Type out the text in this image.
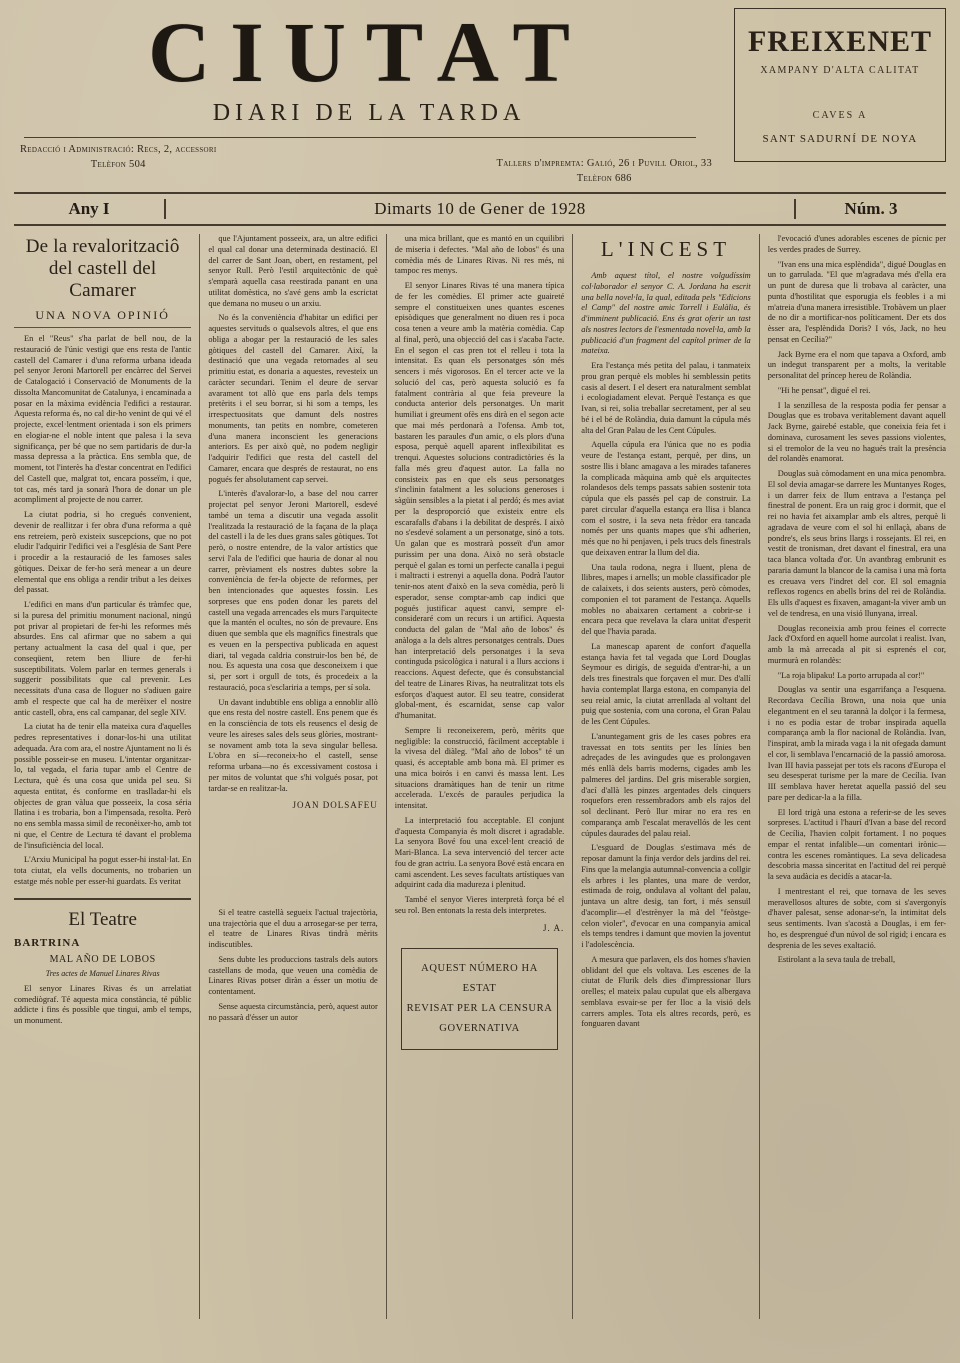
CIUTAT
DIARI DE LA TARDA
Redacció i Administració: Recs, 2, accessori
Telèfon 504	Tallers d'impremta: Galió, 26 i Puvill Oriol, 33
Telèfon 686
FREIXENET
XAMPANY D'ALTA CALITAT
CAVES A
SANT SADURNÍ DE NOYA
Any I	Dimarts 10 de Gener de 1928	Núm. 3
De la revaloritzaciô del castell del Camarer
UNA NOVA OPINIÓ

En el "Reus" s'ha parlat de bell nou, de la restauració de l'únic vestigi que ens resta de l'antic castell del Camarer i d'una reforma urbana ideada pel senyor Jeroni Martorell per encàrrec del Servei de Catalogació i Conservació de Monuments de la dissolta Mancomunitat de Catalunya, i encaminada a posar en la màxima evidència l'edifici a restaurar. Aquesta reforma és, no cal dir-ho venint de qui vé el projecte, excel·lentment orientada i son els primers en elogiar-ne el noble intent que palesa i la seva significança, per bé que no sem partidaris de dur-la massa depressa a la pràctica. Ens sembla que, de moment, tot l'interès ha d'estar concentrat en l'edifici del Castell que, malgrat tot, encara posseïm, i que, tot cas, més tard ja sonarà l'hora de donar un ple acompliment al projecte de nou carrer.

La ciutat podria, si ho cregués convenient, devenir de reallitzar i fer obra d'una reforma a què ens retreiem, però existeix suscepcions, que no pot eludir l'adquirir l'edifici vei a l'església de Sant Pere i procedir a la restauració de les famoses sales gòtiques. Deixar de fer-ho serà menear a un deure elemental que ens obliga a rendir tribut a les deixes del passat.

L'edifici en mans d'un particular és tràmfec que, si la puresa del primitiu monument nacional, ningú pot privar al propietari de fer-hi les reformes més absurdes. Ens cal afirmar que no sabem a qui pertany actualment la casa del qual i que, per conseqüent, retem ben lliure de fer-hi susceptibilitats. Volem parlar en termes generals i suggerir possibilitats que cal prevenir. Les necessitats d'una casa de lloguer no s'adiuen gaire amb el respecte que cal ha de merèixer el nostre antic castell, obra, ens cal campanar, del segle XIV.

La ciutat ha de tenir ella mateixa cura d'aquelles pedres representatives i donar-los-hi una utilitat adequada. Ara com ara, el nostre Ajuntament no li és possible posseir-se en museu. L'intentar organitzar-lo, tal vegada, el faria tupar amb el Centre de Lectura, què és una cosa que unida pel seu. Si aquesta entitat, és conforme en traslladar-hi els objectes de gran vàlua que posseeix, la cosa séria llatina i es trobaria, bon a l'impensada, resolta. Però no ens sembla massa simil de reconèixer-ho, amb tot ni que, el Centre de Lectura té davant el problema de l'insuficiència del local.

L'Arxiu Municipal ha pogut esser-hi instal·lat. En tota ciutat, ela vells documents, no trobarien un estatge més noble per esser-hi guardats. Es veritat

El Teatre
BARTRINA
MAL AÑO DE LOBOS
Tres actes de Manuel Linares Rivas

El senyor Linares Rivas és un arrelatiat comediògraf. Té aquesta mica constància, té públic addicte i fins és possible que tingui, amb el temps, un monument.

que l'Ajuntament posseeix, ara, un altre edifici el qual cal donar una determinada destinació. El del carrer de Sant Joan, obert, en restament, pel senyor Rull. Però l'estil arquitectònic de què s'emparà aquella casa reestirada panant en una utilitat domèstica, no s'avé gens amb la escrictat que demana no museu o un arxiu.

No és la conveniència d'habitar un edifici per aquestes servituds o qualsevols altres, el que ens obliga a abogar per la restauració de les sales gòtiques del castell del Camarer. Així, la destinació que una vegada retornades al seu primitiu estat, es donaria a aquestes, revesteix un caràcter secundari. Tenim el deure de servar avarament tot allò que ens parla dels temps pretèrits i el seu borrar, si hi som a temps, les irrespectuositats que damunt dels nostres monuments, tan petits en nombre, cometeren d'una manera inconscient les generacions anteriors. Es per això què, no podem negligir l'adquirir l'edifici que resta del castell del Camarer, encara que després de restaurat, no ens pogués fer absolutament cap servei.

L'interès d'avalorar-lo, a base del nou carrer projectat pel senyor Jeroni Martorell, esdevé també un tema a discutir una vegada assolit l'realitzada la restauració de la façana de la plaça del castell i la de les dues grans sales gòtiques. Tot però, o nostre entendre, de la valor artístics que servi l'ala de l'edifici que hauria de donar al nou carrer, prèviament els nostres dubtes sobre la conveniència de fer-la objecte de reformes, per ben intencionades que aquestes fossin. Les sorpreses que ens poden donar les parets del castell una vegada arrencades els murs l'arquitecte que la mantén el ocultes, no són de prevaure. Ens diuen que sembla que els magnífics finestrals que es veuen en la perspectiva publicada en aquest diari, tal vegada caldria construir-los ben bé, de nou. Es aquesta una cosa que desconeixem i que si, per sort i orgull de tots, és procedeix a la restauració, poca s'esclariria a temps, per sí sola.

Un davant indubtible ens obliga a ennoblir allò que ens resta del nostre castell. Ens penem que és en la consciència de tots els reusencs el desig de veure les aireses sales dels seus glòries, mostrant-se novament amb tota la seva singular bellesa. L'obra en sí—reconeix-ho el castell, sense reforma urbana—no és excessivament costosa i per mitos de voluntat que s'hi volgués posar, pot tardar-se en realitzar-la.

JOAN DOLSAFEU

Si el teatre castellà segueix l'actual trajectòria, una trajectòria que el duu a arrosegar-se per terra, el teatre de Linares Rivas tindrà mèrits indiscutibles.

Sens dubte les produccions tastrals dels autors castellans de moda, que veuen una comèdia de Linares Rivas potser diràn a ésser un motiu de contentament.

Sense aquesta circumstància, però, aquest autor no passarà d'ésser un autor

una mica brillant, que es mantó en un cquilibri de miseria i defectes. "Mal año de lobos" és una comèdia més de Linares Rivas. Ni res més, ni tampoc res menys.

El senyor Linares Rivas té una manera típica de fer les comèdies. El primer acte guaireté sempre el constitueixen unes quantes escenes episòdiques que generalment no diuen res i poca cosa tenen a veure amb la matèria comèdia. Cap al final, però, una objecció del cas i s'acaba l'acte. En el segon el cas pren tot el relleu i tota la intensitat. Es quan els personatges són més sencers i més vigorosos. En el tercer acte ve la solució del cas, però aquesta solució es fa fatalment contrària al que feia preveure la conducta anterior dels personatges. Un marit humiliat i greument ofès ens dirà en el segon acte que mai més perdonarà a l'ofensa. Amb tot, bastaren les paraules d'un amic, o els plors d'una esposa, perquè aquell aparent inflexibilitat es trenqui. Aquestes solucions contradictòries és la falla més greu d'aquest autor. La falla no consisteix pas en que els seus personatges s'inclinin fatalment a les solucions generoses i sàgüin sensibles a la pietat i al perdó; és mes aviat per la desproporció que existeix entre els escarafalls d'abans i la debilitat de després. I això no s'esdevé solament a un personatge, sinó a tots. Un galan que es mostrarà posseït d'un amor purissim per una dona. Això no serà obstacle perquè el galan es torni un perfecte canalla i pegui i maltracti i estrenyi a aquella dona. Podrà l'autor tenir-nos atent d'això en la seva comèdia, però li esperador, sense comptar-amb cap indici que pogués justificar aquest canvi, sempre el-consideraré com un recurs i un artifici. Aquesta conducta del galan de "Mal año de lobos" és anàloga a la dels altres personatges centrals. Dues han interpretació dels personatges i la seva continguda psicològica i natural i a llurs accions i reaccions. Aquest defecte, que és consubstancial del teatre de Linares Rivas, ha neutralitzat tots els esforços d'aquest autor. El seu teatre, considerat global-ment, és escarnidat, sense cap valor d'humanitat.

Sempre li reconeixerem, però, mèrits que negligible: la construcció, fàcilment acceptable i la vivesa del diàleg. "Mal año de lobos" té un quasi, és acceptable amb bona mà. El primer es una mica boirós i en canvi és massa lent. Les situacions dramàtiques han de tenir un ritme accelerada. L'excés de paraules perjudica la intensitat.

La interpretació fou acceptable. El conjunt d'aquesta Companyia és molt discret i agradable. La senyora Bové fou una excel·lent creació de Mari-Blanca. La seva intervenció del tercer acte fou de gran actriu. La senyora Bové està encara en cami ascendent. Les seves facultats artístiques van adquirint cada dia madureza i plenitud.

També el senyor Vieres interpretà força bé el seu rol. Ben entonats la resta dels interpretes.

J. A.
AQUEST NÚMERO HA ESTAT
REVISAT PER LA CENSURA
GOVERNATIVA
L'INCEST

Amb aquest títol, el nostre volgudíssim col·laborador el senyor C. A. Jordana ha escrit una bella novel·la, la qual, editada pels "Edicions el Camp" del nostre amic Torrell i Eulàlia, és d'imminent publicació. Ens és grat oferir un tast als nostres lectors de l'esmentada novel·la, amb la publicació d'un fragment del capítol primer de la mateixa.

Era l'estança més petita del palau, i tanmateix prou gran perquè els mobles hi semblessin petits casis al desert. I el desert era naturalment semblat i ecologiadament elevat. Perquè l'estança es que Ivan, si rei, solia treballar secretament, per al seu bé i el bé de Rolàndia, duia damunt la cúpula més alta del Gran Palau de les Cent Cúpules.

Aquella cúpula era l'única que no es podia veure de l'estança estant, perquè, per dins, un sostre llis i blanc amagava a les mirades tafaneres la complicada màquina amb què els arquitectes rolandesos dels temps passats sabien sostenir tota cúpula que els passés pel cap de construir. La paret circular d'aquella estança era llisa i blanca com el sostre, i la seva neta frèdor era tancada només per uns quants mapes que s'hi adherien, més que no hi penjaven, i pels trucs dels finestrals que deixaven entrar la llum del dia.

Una taula rodona, negra i lluent, plena de llibres, mapes i arnells; un moble classificador ple de calaixets, i dos seients austers, però còmodes, componien el tot parament de l'estança. Aquells mobles no abaixaren certament a cobrir-se i encara peca que revelava la clara unitat d'esperit del que l'havia parada.

La manescap aparent de confort d'aquella estança havia fet tal vegada que Lord Douglas Seymour es dirigís, de seguida d'entrar-hi, a un dels tres finestrals que forçaven el mur. Des d'allí havia contemplat llarga estona, en companyia del seu reial amic, la ciutat arrenllada al voltant del puig que sostenia, com una corona, el Gran Palau de les Cent Cúpules.

L'anuntegament gris de les cases pobres era travessat en tots sentits per les línies ben adreçades de les avingudes que es prolongaven més enllà dels barris moderns, cigades amb les palmeres del jardins. Del gris miserable sorgien, d'ací d'allà les pinzes argentades dels cinquers roquefors eren ressembradors amb els rajos del sol declinant. Però llur mirar no era res en comparança amb l'escalat meravellós de les cent cúpules daurades del palau reial.

L'esguard de Douglas s'estimava més de reposar damunt la finja verdor dels jardins del rei. Fins que la melangia autumnal-convencia a collgir els arbres i les plantes, una mare de verdor, estimada de roig, ondulava al voltant del palau, juntava un altre desig, tan fort, i més sensuïl d'acomplir—el d'estrènyer la mà del "feòstge-celon violer", d'evocar en una companyia amical els temps tendres i damunt que movien la joventut i l'adolescència.

A mesura que parlaven, els dos homes s'havien oblidant del que els voltava. Les escenes de la ciutat de Flurik dels dies d'impressionar llurs orelles; el mateix palau cupulat que els albergava semblava esvair-se per fer lloc a la visió dels carrers amples. Tota els altres records, però, es fonguaren davant

l'evocació d'unes adorables escenes de pícnic per les verdes prades de Surrey.

"Ivan ens una mica esplèndida", digué Douglas en un to garrulada. "El que m'agradava més d'ella era un punt de duresa que li trobava al caràcter, una punta d'hostilitat que esporugia els feobles i a mi m'atreia d'una manera irresistible. Trobàvem un plaer de no dir a mortificar-nos políticament. Der ets dos èsser ara, l'esplèndida Doris? I vós, Jack, no heu pensat en Cecília?"

Jack Byrne era el nom que tapava a Oxford, amb un indegut transparent per a molts, la veritable personalitat del príncep hereu de Rolàndia.

"Hi he pensat", digué el rei.

I la senzillesa de la resposta podia fer pensar a Douglas que es trobava veritablement davant aquell Jack Byrne, gairebé estable, que coneixia feia fet i dominava, curosament les seves passions violentes, si el tremolor de la veu no hagués traït la presència del rolandès enamorat.

Douglas suà còmodament en una mica penombra. El sol devia amagar-se darrere les Muntanyes Roges, i un darrer feix de llum entrava a l'estança pel finestral de ponent. Era un raig groc i dormit, que el rei no havia fet aixamplar amb els altres, perquè li agradava de veure com el sol hi enllaçà, abans de pondre's, els seus brins llargs i rossejants. El rei, en vestit de tronisman, dret davant el finestral, era una taca blanca voltada d'or. Un avantbrag embrunit es pararia damunt la blancor de la camisa i una mà forta es creuava vers l'indret del cor. El sol emagnia reflexos rogencs en abells brins del rei de Rolàndia. Els ulls d'aquest es fixaven, amagant-la viver amb un vel de tendresa, en una visió llunyana, irreal.

Douglas reconeixia amb prou feines el correcte Jack d'Oxford en aquell home aurcolat i realist. Ivan, amb la mà arrecada al pit si esprenés el cor, murmurà en rolandès:

"La roja blipaku! La porto arrupada al cor!"

Douglas va sentir una esgarrifança a l'esquena. Recordava Cecília Brown, una noia que unia elegantment en el seu tarannà la dolçor i la fermesa, i no es podia estar de trobar inspirada aquella comparança amb la flor nacional de Rolàndia. Ivan, l'inspirat, amb la mirada vaga i la nit ofegada damunt el cor, li semblava l'encarnació de la passió amorosa. Ivan III havia passejat per tots els racons d'Europa el seu desesperat turisme per la mare de Cecília. Ivan III semblava haver heretat aquella passió del seu pare per dedicar-la a la filla.

El lord trigà una estona a referir-se de les seves sorpreses. L'actitud i l'haurí d'Ivan a base del record de Cecília, l'havien colpit fortament. I no poques empar el rentat infalible—un comentari irònic—contra les escenes romàntiques. La seva delicadesa descobria massa sinceritat en l'actitud del rei perquè la seva audàcia es decidís a atacar-la.

I mentrestant el rei, que tornava de les seves meravellosos altures de sobte, com si s'avergonyís d'haver palesat, sense adonar-se'n, la intimitat dels seus sentiments. Ivan s'acostà a Douglas, i em fer-ho, es desprengué d'un núvol de sol rigid; i encara es desprenia de les seves exaltació.

Estirolant a la seva taula de treball,
